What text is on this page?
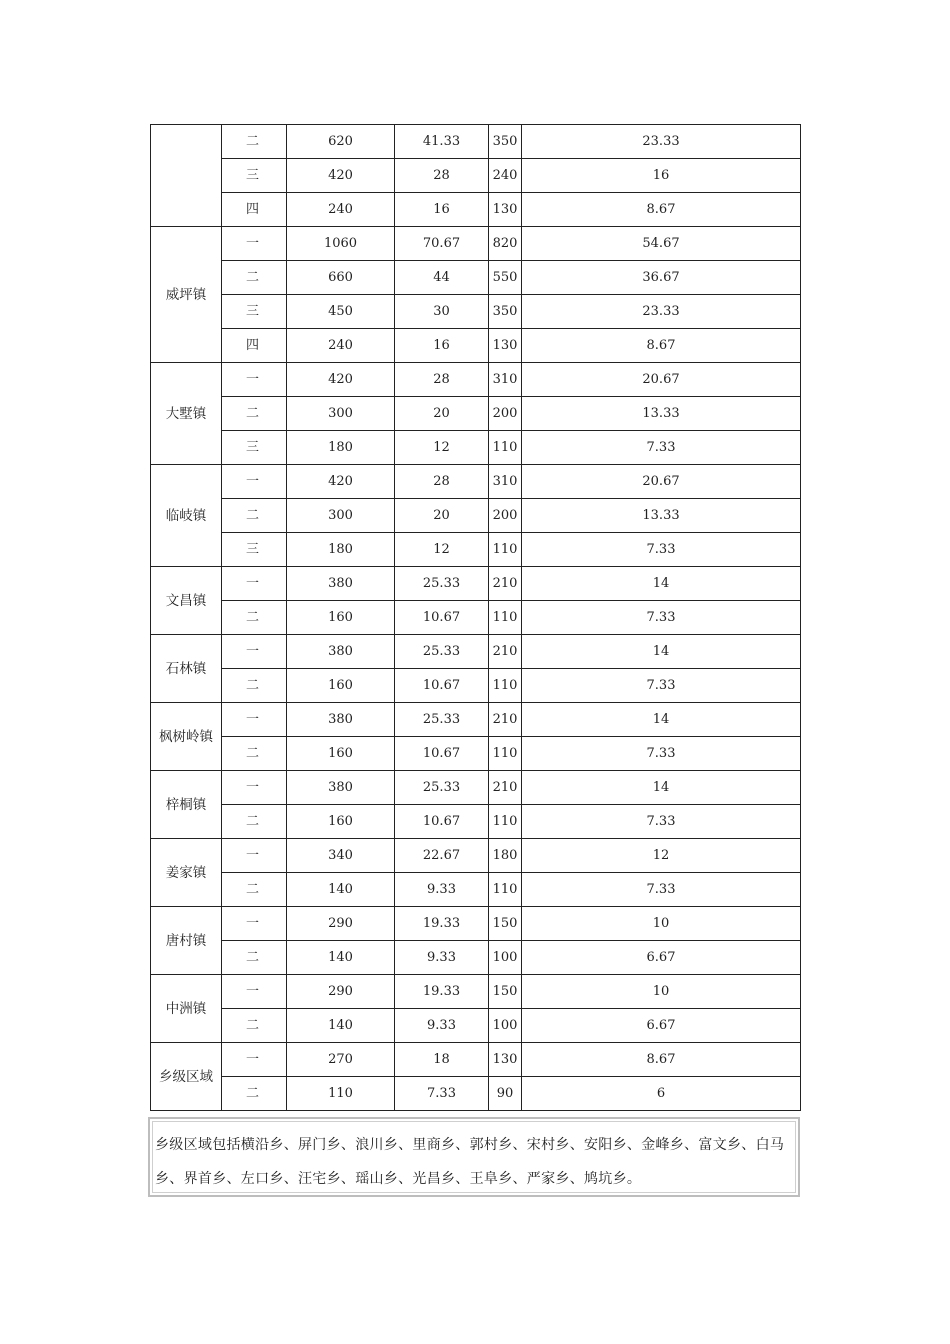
	二	620	41.33	350	23.33
	三	420	28	240	16
	四	240	16	130	8.67
威坪镇	一	1060	70.67	820	54.67
	二	660	44	550	36.67
	三	450	30	350	23.33
	四	240	16	130	8.67
大墅镇	一	420	28	310	20.67
	二	300	20	200	13.33
	三	180	12	110	7.33
临岐镇	一	420	28	310	20.67
	二	300	20	200	13.33
	三	180	12	110	7.33
文昌镇	一	380	25.33	210	14
	二	160	10.67	110	7.33
石林镇	一	380	25.33	210	14
	二	160	10.67	110	7.33
枫树岭镇	一	380	25.33	210	14
	二	160	10.67	110	7.33
梓桐镇	一	380	25.33	210	14
	二	160	10.67	110	7.33
姜家镇	一	340	22.67	180	12
	二	140	9.33	110	7.33
唐村镇	一	290	19.33	150	10
	二	140	9.33	100	6.67
中洲镇	一	290	19.33	150	10
	二	140	9.33	100	6.67
乡级区域	一	270	18	130	8.67
	二	110	7.33	90	6
乡级区域包括横沿乡、屏门乡、浪川乡、里商乡、郭村乡、宋村乡、安阳乡、金峰乡、富文乡、白马
乡、界首乡、左口乡、汪宅乡、瑶山乡、光昌乡、王阜乡、严家乡、鸠坑乡。
